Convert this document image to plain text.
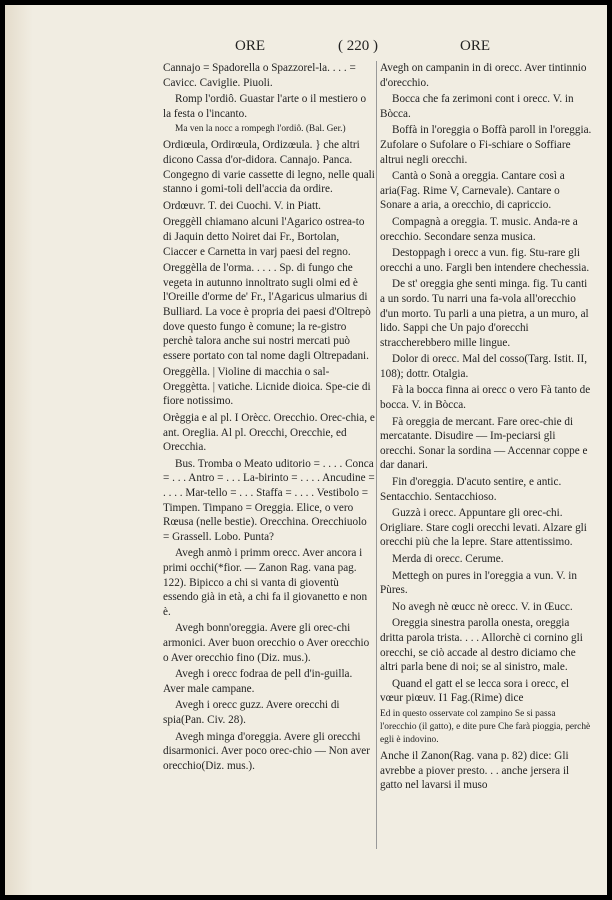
ORE	( 220 )	ORE

Cannajo = Spadorella o Spazzorel-la. . . . = Cavicc. Caviglie. Piuoli.

Romp l'ordiô. Guastar l'arte o il mestiero o la festa o l'incanto.

Ma ven la nocc a rompegh l'ordiô. (Bal. Ger.)

Ordiœula, Ordirœula, Ordizœula. } che altri dicono Cassa d'or-didora. Cannajo. Panca. Congegno di varie cassette di legno, nelle quali stanno i gomi-toli dell'accia da ordire.

Ordœuvr. T. dei Cuochi. V. in Piatt.

Oreggèll chiamano alcuni l'Agarico ostrea-to di Jaquin detto Noiret dai Fr., Bortolan, Ciaccer e Carnetta in varj paesi del regno.

Oreggèlla de l'orma. . . . . Sp. di fungo che vegeta in autunno innoltrato sugli olmi ed è l'Oreille d'orme de' Fr., l'Agaricus ulmarius di Bulliard. La voce è propria dei paesi d'Oltrepò dove questo fungo è comune; la re-gistro perchè talora anche sui nostri mercati può essere portato con tal nome dagli Oltrepadani.

Oreggèlla. | Violine di macchia o sal-Oreggètta. | vatiche. Licnide dioica. Spe-cie di fiore notissimo.

Orèggia e al pl. I Orècc. Orecchio. Orec-chia, e ant. Oreglia. Al pl. Orecchi, Orecchie, ed Orecchia.

Bus. Tromba o Meato uditorio = . . . . Conca = . . . Antro = . . . La-birinto = . . . . Ancudine = . . . . Mar-tello = . . . Staffa = . . . . Vestibolo = Timpen. Timpano = Oreggia. Elice, o vero Rœusa (nelle bestie). Orecchina. Orecchiuolo = Grassell. Lobo. Punta?

Avegh anmò i primm orecc. Aver ancora i primi occhi(*fior. — Zanon Rag. vana pag. 122). Bipicco a chi si vanta di gioventù essendo già in età, a chi fa il giovanetto e non è.

Avegh bonn'oreggia. Avere gli orec-chi armonici. Aver buon orecchio o Aver orecchio o Aver orecchio fino (Diz. mus.).

Avegh i orecc fodraa de pell d'in-guilla. Aver male campane.

Avegh i orecc guzz. Avere orecchi di spia(Pan. Civ. 28).

Avegh minga d'oreggia. Avere gli orecchi disarmonici. Aver poco orec-chio — Non aver orecchio(Diz. mus.).

Avegh on campanin in di orecc. Aver tintinnio d'orecchio.

Bocca che fa zerimoni cont i orecc. V. in Bòcca.

Boffà in l'oreggia o Boffà paroll in l'oreggia. Zufolare o Sufolare o Fi-schiare o Soffiare altrui negli orecchi.

Cantà o Sonà a oreggia. Cantare così a aria(Fag. Rime V, Carnevale). Cantare o Sonare a aria, a orecchio, di capriccio.

Compagnà a oreggia. T. music. Anda-re a orecchio. Secondare senza musica.

Destoppagh i orecc a vun. fig. Stu-rare gli orecchi a uno. Fargli ben intendere chechessia.

De st' oreggia ghe senti minga. fig. Tu canti a un sordo. Tu narri una fa-vola all'orecchio d'un morto. Tu parli a una pietra, a un muro, al lido. Sappi che Un pajo d'orecchi straccherebbero mille lingue.

Dolor di orecc. Mal del cosso(Targ. Istit. II, 108); dottr. Otalgia.

Fà la bocca finna ai orecc o vero Fà tanto de bocca. V. in Bòcca.

Fà oreggia de mercant. Fare orec-chie di mercatante. Disudire — Im-peciarsi gli orecchi. Sonar la sordina — Accennar coppe e dar danari.

Fin d'oreggia. D'acuto sentire, e antic. Sentacchio. Sentacchioso.

Guzzà i orecc. Appuntare gli orec-chi. Origliare. Stare cogli orecchi levati. Alzare gli orecchi più che la lepre. Stare attentissimo.

Merda di orecc. Cerume.

Mettegh on pures in l'oreggia a vun. V. in Pùres.

No avegh nè œucc nè orecc. V. in Œucc.

Oreggia sinestra parolla onesta, oreggia dritta parola trista. . . . Allorchè ci cornino gli orecchi, se ciò accade al destro diciamo che altri parla bene di noi; se al sinistro, male.

Quand el gatt el se lecca sora i orecc, el vœur piœuv. I1 Fag.(Rime) dice

Ed in questo osservate col zampino Se si passa l'orecchio (il gatto), e dite pure Che farà pioggia, perchè egli è indovino.

Anche il Zanon(Rag. vana p. 82) dice: Gli avrebbe a piover presto. . . anche jersera il gatto nel lavarsi il muso
